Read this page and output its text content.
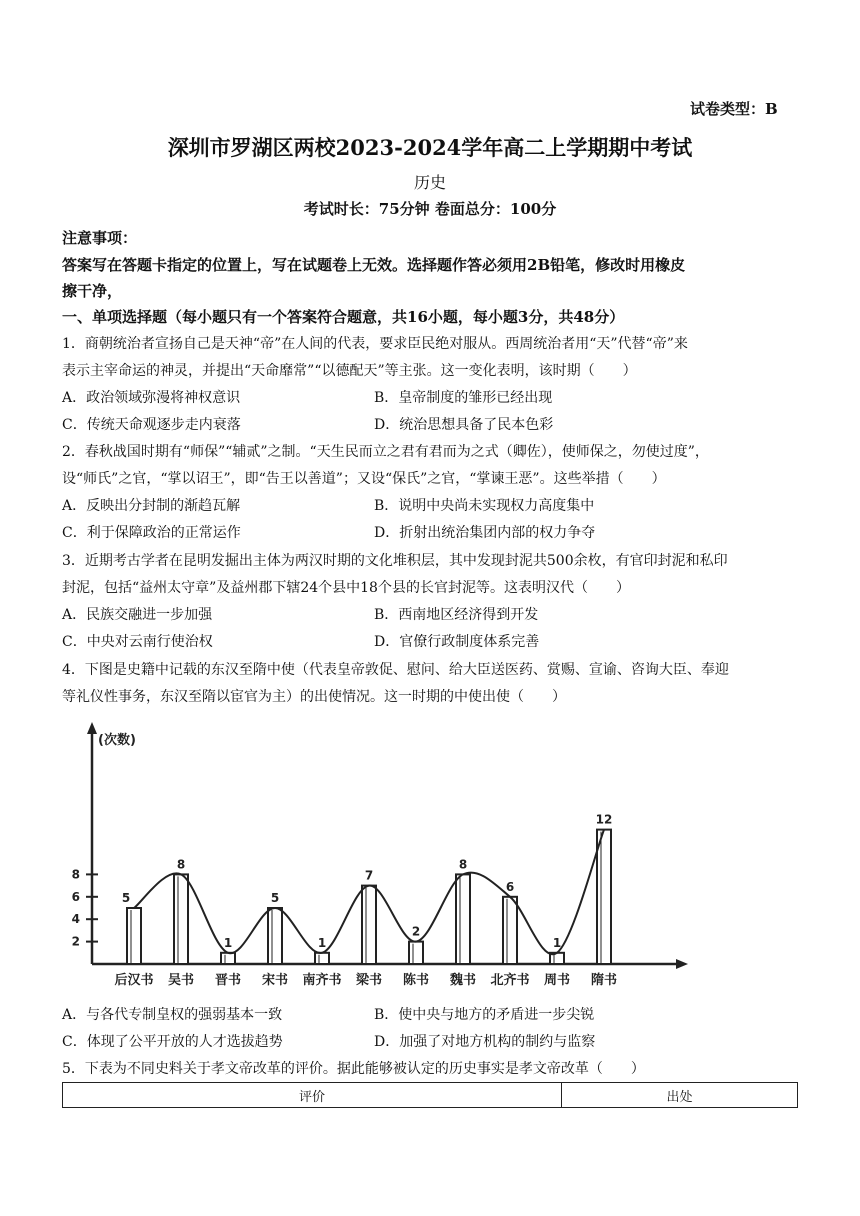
试卷类型：B
深圳市罗湖区两校2023-2024学年高二上学期期中考试
历史
考试时长：75分钟 卷面总分：100分
注意事项：
答案写在答题卡指定的位置上，写在试题卷上无效。选择题作答必须用2B铅笔，修改时用橡皮
擦干净，
一、单项选择题（每小题只有一个答案符合题意，共16小题，每小题3分，共48分）
1．商朝统治者宣扬自己是天神“帝”在人间的代表，要求臣民绝对服从。西周统治者用“天”代替“帝”来
表示主宰命运的神灵，并提出“天命靡常”“以德配天”等主张。这一变化表明，该时期（　　）
A．政治领域弥漫将神权意识	B．皇帝制度的雏形已经出现
C．传统天命观逐步走内衰落	D．统治思想具备了民本色彩
2．春秋战国时期有“师保”“辅贰”之制。“天生民而立之君有君而为之式（卿佐），使师保之，勿使过度”，
设“师氏”之官，“掌以诏王”，即“告王以善道”；又设“保氏”之官，“掌谏王恶”。这些举措（　　）
A．反映出分封制的渐趋瓦解	B．说明中央尚未实现权力高度集中
C．利于保障政治的正常运作	D．折射出统治集团内部的权力争夺
3．近期考古学者在昆明发掘出主体为两汉时期的文化堆积层，其中发现封泥共500余枚，有官印封泥和私印
封泥，包括“益州太守章”及益州郡下辖24个县中18个县的长官封泥等。这表明汉代（　　）
A．民族交融进一步加强	B．西南地区经济得到开发
C．中央对云南行使治权	D．官僚行政制度体系完善
4．下图是史籍中记载的东汉至隋中使（代表皇帝敦促、慰问、给大臣送医药、赏赐、宣谕、咨询大臣、奉迎
等礼仪性事务，东汉至隋以宦官为主）的出使情况。这一时期的中使出使（　　）
(次数)
2
4
6
8
5
后汉书
8
吴书
1
晋书
5
宋书
1
南齐书
7
梁书
2
陈书
8
魏书
6
北齐书
1
周书
12
隋书
A．与各代专制皇权的强弱基本一致	B．使中央与地方的矛盾进一步尖锐
C．体现了公平开放的人才选拔趋势	D．加强了对地方机构的制约与监察
5．下表为不同史料关于孝文帝改革的评价。据此能够被认定的历史事实是孝文帝改革（　　）
评价	出处
